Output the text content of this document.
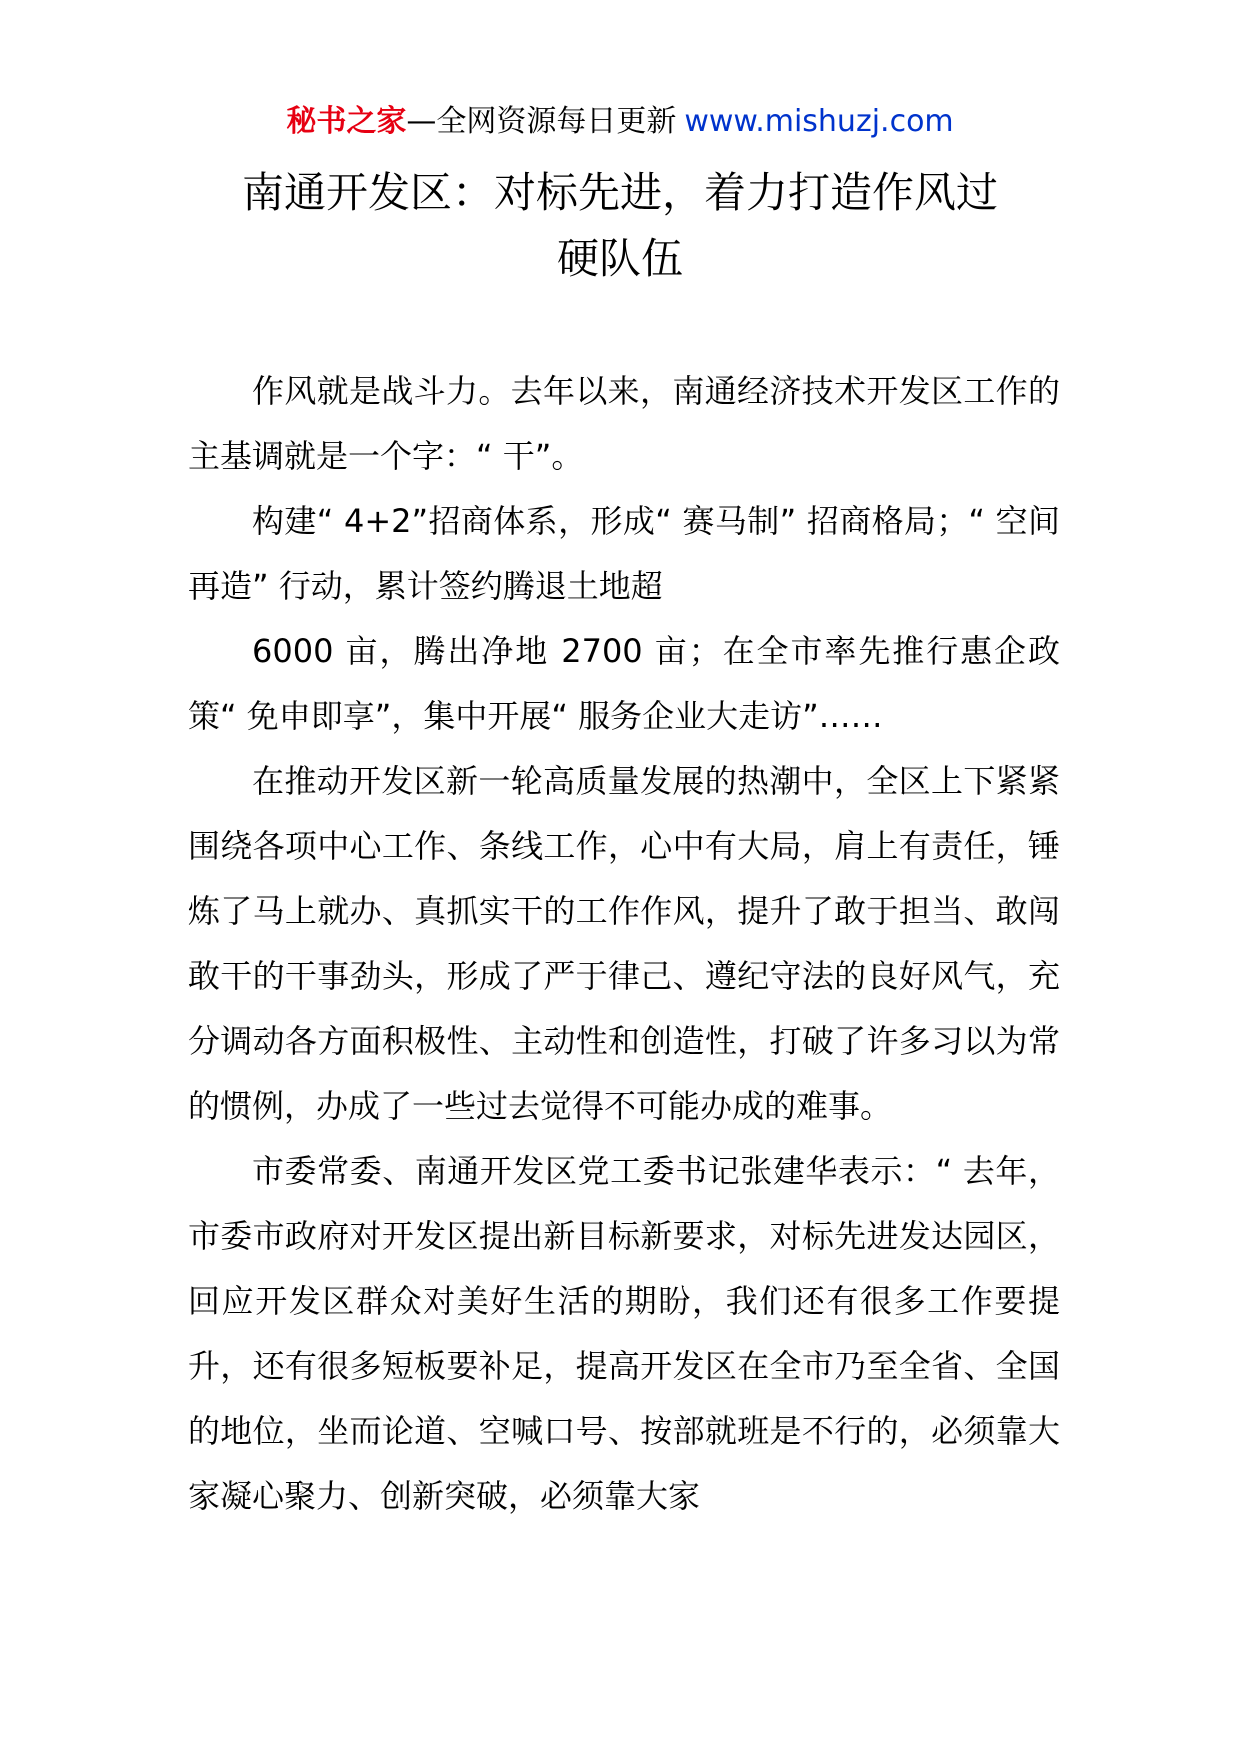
秘书之家—全网资源每日更新 www.mishuzj.com
南通开发区：对标先进，着力打造作风过
硬队伍

作风就是战斗力。去年以来，南通经济技术开发区工作的主基调就是一个字：“ 干”。

构建“ 4+2”招商体系，形成“ 赛马制” 招商格局；“ 空间再造” 行动，累计签约腾退土地超

6000 亩，腾出净地 2700 亩；在全市率先推行惠企政策“ 免申即享”，集中开展“ 服务企业大走访”……

在推动开发区新一轮高质量发展的热潮中，全区上下紧紧围绕各项中心工作、条线工作，心中有大局，肩上有责任，锤炼了马上就办、真抓实干的工作作风，提升了敢于担当、敢闯敢干的干事劲头，形成了严于律己、遵纪守法的良好风气，充分调动各方面积极性、主动性和创造性，打破了许多习以为常的惯例，办成了一些过去觉得不可能办成的难事。

市委常委、南通开发区党工委书记张建华表示：“ 去年，市委市政府对开发区提出新目标新要求，对标先进发达园区，回应开发区群众对美好生活的期盼，我们还有很多工作要提升，还有很多短板要补足，提高开发区在全市乃至全省、全国的地位，坐而论道、空喊口号、按部就班是不行的，必须靠大家凝心聚力、创新突破，必须靠大家
